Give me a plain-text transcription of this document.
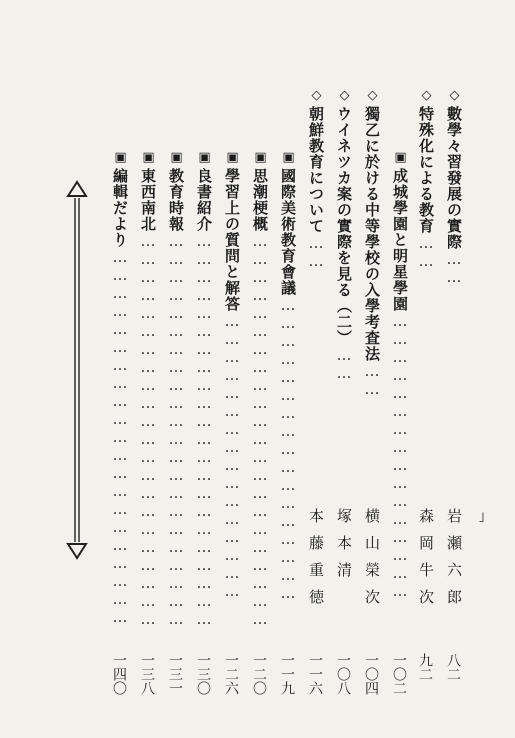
◇數學々習發展の實際……
岩瀬六郎
八二
◇特殊化による教育……
森岡牛次
九二
▣成城學園と明星學園…………………………………………
一〇二
◇獨乙に於ける中等學校の入學考査法……
横山榮次
一〇四
◇ウイネツカ案の實際を見る（二）……
塚本清
一〇八
◇朝鮮教育について……
本藤重徳
一一六
▣國際美術教育會議……………………………………………
一一九
▣思潮梗概…………………………………………………………
一二〇
▣學習上の質問と解答…………………………………………
一二六
▣良書紹介…………………………………………………………
一三〇
▣教育時報…………………………………………………………
一三一
▣東西南北…………………………………………………………
一三八
▣編輯だより………………………………………………………
一四〇
˩
